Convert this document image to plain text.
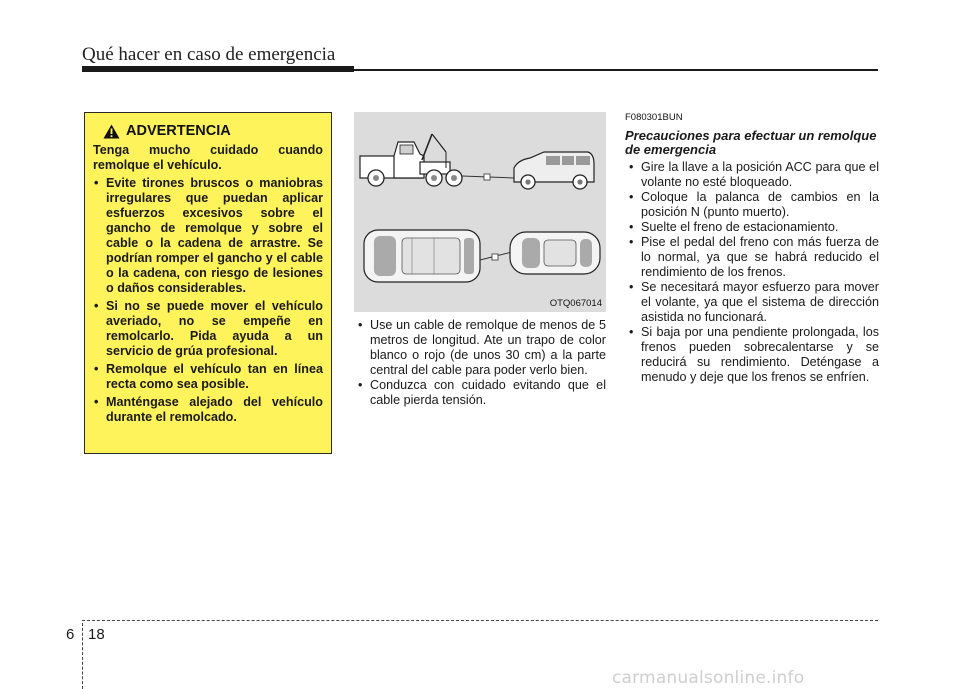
Qué hacer en caso de emergencia
ADVERTENCIA
Tenga mucho cuidado cuando remolque el vehículo.
• Evite tirones bruscos o maniobras irregulares que puedan aplicar esfuerzos excesivos sobre el gancho de remolque y sobre el cable o la cadena de arrastre. Se podrían romper el gancho y el cable o la cadena, con riesgo de lesiones o daños considerables.
• Si no se puede mover el vehículo averiado, no se empeñe en remolcarlo. Pida ayuda a un servicio de grúa profesional.
• Remolque el vehículo tan en línea recta como sea posible.
• Manténgase alejado del vehículo durante el remolcado.
OTQ067014
• Use un cable de remolque de menos de 5 metros de longitud. Ate un trapo de color blanco o rojo (de unos 30 cm) a la parte central del cable para poder verlo bien.
• Conduzca con cuidado evitando que el cable pierda tensión.
F080301BUN
Precauciones para efectuar un remolque de emergencia
• Gire la llave a la posición ACC para que el volante no esté bloqueado.
• Coloque la palanca de cambios en la posición N (punto muerto).
• Suelte el freno de estacionamiento.
• Pise el pedal del freno con más fuerza de lo normal, ya que se habrá reducido el rendimiento de los frenos.
• Se necesitará mayor esfuerzo para mover el volante, ya que el sistema de dirección asistida no funcionará.
• Si baja por una pendiente prolongada, los frenos pueden sobrecalentarse y se reducirá su rendimiento. Deténgase a menudo y deje que los frenos se enfríen.
6 18
carmanualsonline.info
